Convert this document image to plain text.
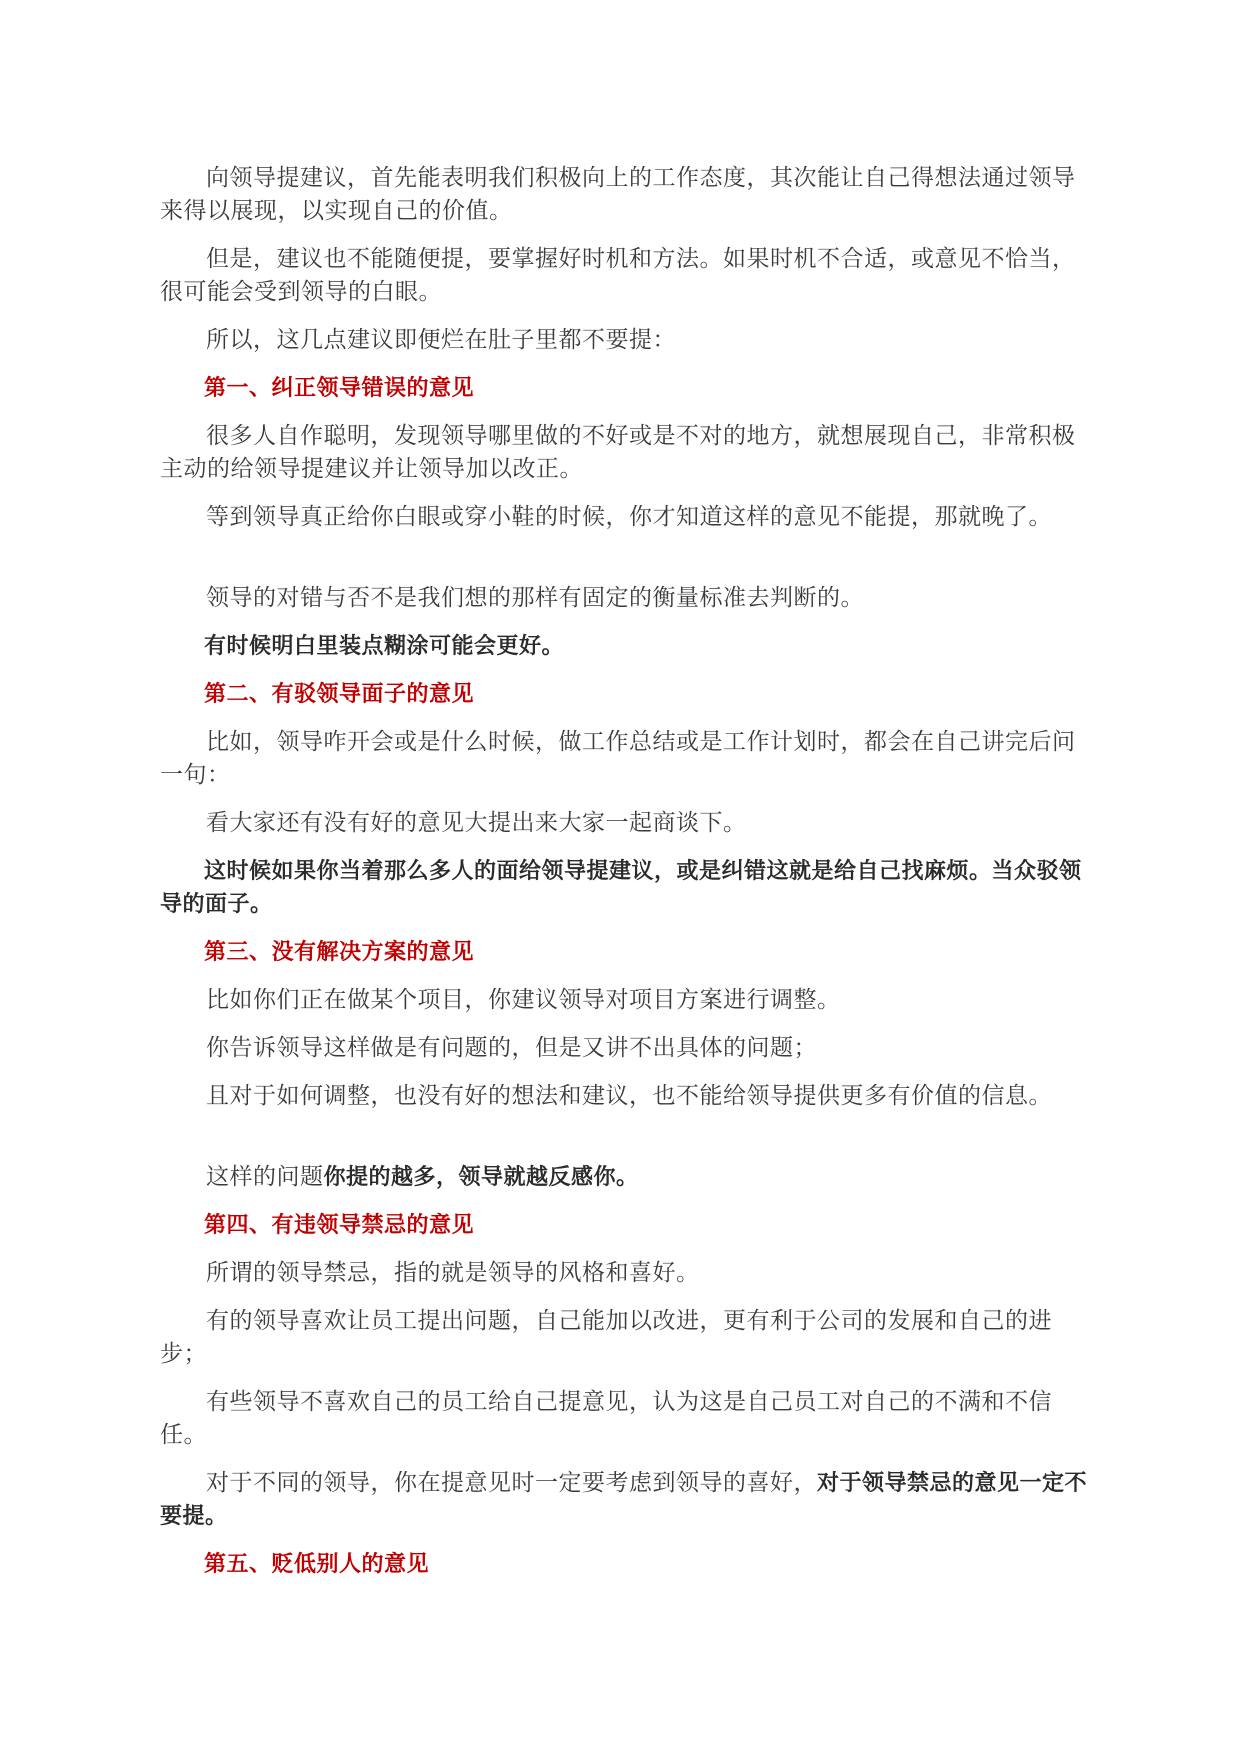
向领导提建议，首先能表明我们积极向上的工作态度，其次能让自己得想法通过领导来得以展现，以实现自己的价值。

但是，建议也不能随便提，要掌握好时机和方法。如果时机不合适，或意见不恰当，很可能会受到领导的白眼。

所以，这几点建议即便烂在肚子里都不要提：

第一、纠正领导错误的意见

很多人自作聪明，发现领导哪里做的不好或是不对的地方，就想展现自己，非常积极主动的给领导提建议并让领导加以改正。

等到领导真正给你白眼或穿小鞋的时候，你才知道这样的意见不能提，那就晚了。

领导的对错与否不是我们想的那样有固定的衡量标准去判断的。

有时候明白里装点糊涂可能会更好。

第二、有驳领导面子的意见

比如，领导咋开会或是什么时候，做工作总结或是工作计划时，都会在自己讲完后问一句：

看大家还有没有好的意见大提出来大家一起商谈下。

这时候如果你当着那么多人的面给领导提建议，或是纠错这就是给自己找麻烦。当众驳领导的面子。

第三、没有解决方案的意见

比如你们正在做某个项目，你建议领导对项目方案进行调整。

你告诉领导这样做是有问题的，但是又讲不出具体的问题；

且对于如何调整，也没有好的想法和建议，也不能给领导提供更多有价值的信息。

这样的问题你提的越多，领导就越反感你。

第四、有违领导禁忌的意见

所谓的领导禁忌，指的就是领导的风格和喜好。

有的领导喜欢让员工提出问题，自己能加以改进，更有利于公司的发展和自己的进步；

有些领导不喜欢自己的员工给自己提意见，认为这是自己员工对自己的不满和不信任。

对于不同的领导，你在提意见时一定要考虑到领导的喜好，对于领导禁忌的意见一定不要提。

第五、贬低别人的意见
